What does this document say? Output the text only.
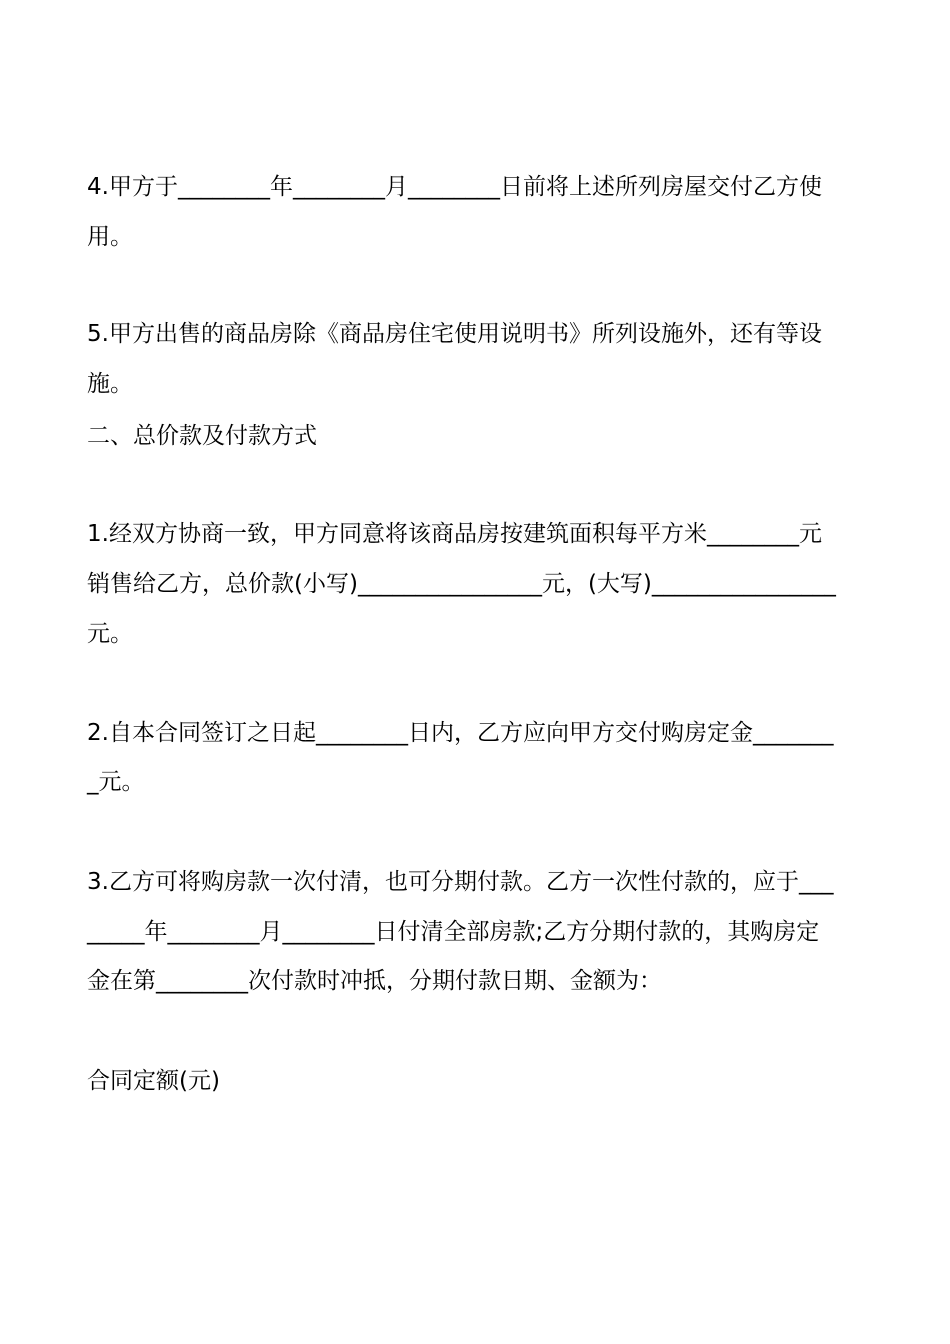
4.甲方于________年________月________日前将上述所列房屋交付乙方使
用。
5.甲方出售的商品房除《商品房住宅使用说明书》所列设施外，还有等设
施。
二、总价款及付款方式
1.经双方协商一致，甲方同意将该商品房按建筑面积每平方米________元
销售给乙方，总价款(小写)________________元，(大写)________________
元。
2.自本合同签订之日起________日内，乙方应向甲方交付购房定金_______
_元。
3.乙方可将购房款一次付清，也可分期付款。乙方一次性付款的，应于___
_____年________月________日付清全部房款;乙方分期付款的，其购房定
金在第________次付款时冲抵，分期付款日期、金额为：
合同定额(元)
